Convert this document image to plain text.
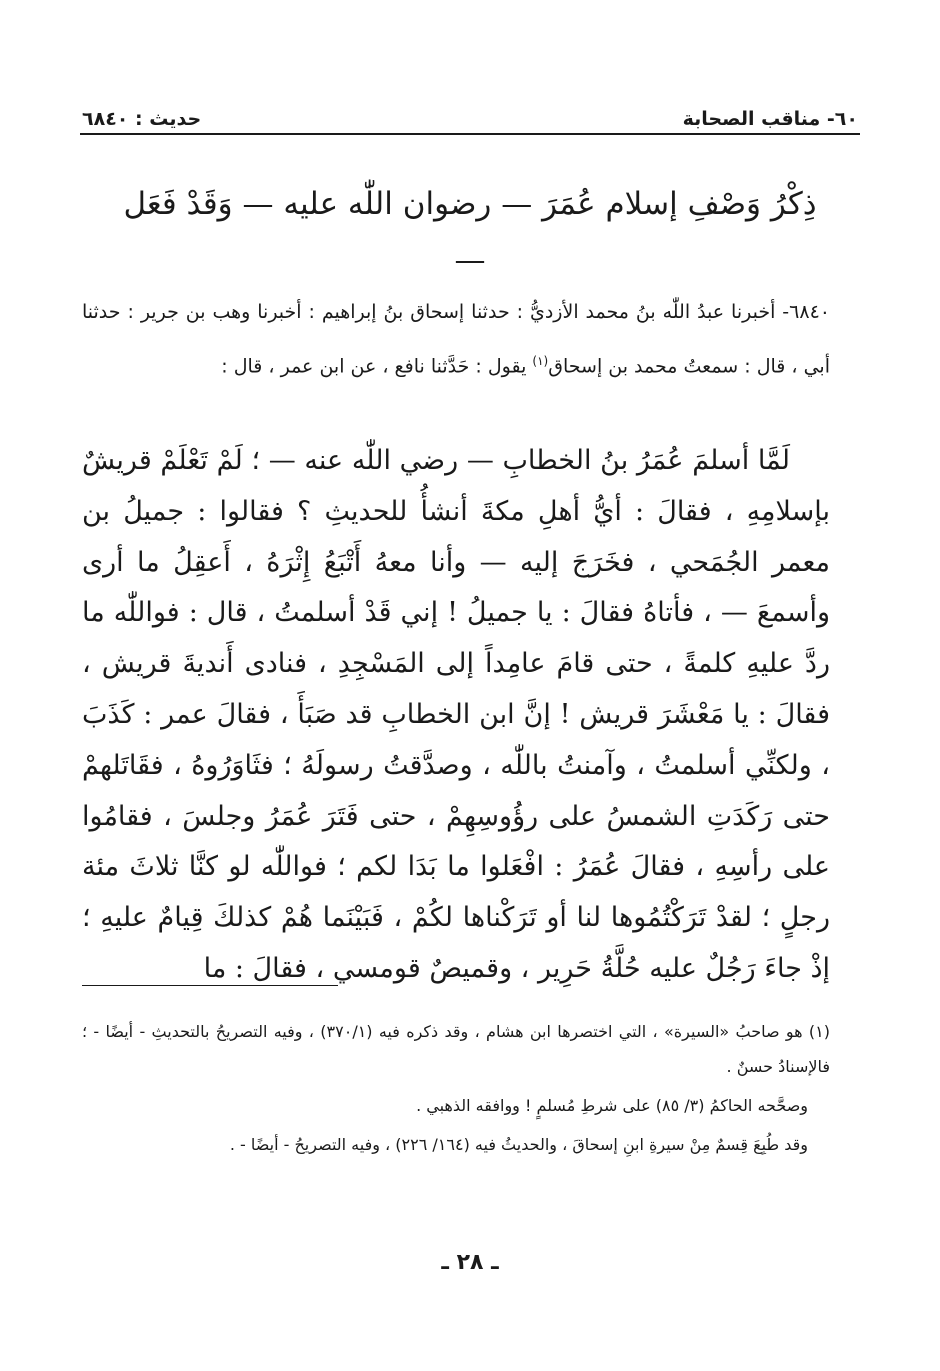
٦٠- مناقب الصحابة
حديث : ٦٨٤٠
ذِكْرُ وَصْفِ إسلام عُمَرَ — رضوان اللّٰه عليه — وَقَدْ فَعَل —
٦٨٤٠- أخبرنا عبدُ اللّٰه بنُ محمد الأزديُّ : حدثنا إسحاق بنُ إبراهيم : أخبرنا وهب بن جرير : حدثنا أبي ، قال : سمعتُ محمد بن إسحاق$^{(١)}$ يقول : حَدَّثنا نافع ، عن ابن عمر ، قال :
لَمَّا أسلمَ عُمَرُ بنُ الخطابِ — رضي اللّٰه عنه — ؛ لَمْ تَعْلَمْ قريشٌ بإسلامِهِ ، فقالَ : أيُّ أهلِ مكةَ أنشأُ للحديثِ ؟ فقالوا : جميلُ بن معمر الجُمَحي ، فخَرَجَ إليه — وأنا معهُ أَتْبَعُ إِثْرَهُ ، أَعقِلُ ما أرى وأسمعَ — ، فأتاهُ فقالَ : يا جميلُ ! إني قَدْ أسلمتُ ، قال : فواللّٰه ما ردَّ عليهِ كلمةً ، حتى قامَ عامِداً إلى المَسْجِدِ ، فنادى أَنديةَ قريش ، فقالَ : يا مَعْشَرَ قريش ! إنَّ ابن الخطابِ قد صَبَأَ ، فقالَ عمر : كَذَبَ ، ولكنِّي أسلمتُ ، وآمنتُ باللّٰه ، وصدَّقتُ رسولَهُ ؛ فثَاوَرُوهُ ، فقَاتَلهمْ حتى رَكَدَتِ الشمسُ على رؤُوسِهِمْ ، حتى فَتَرَ عُمَرُ وجلسَ ، فقامُوا على رأسِهِ ، فقالَ عُمَرُ : افْعَلوا ما بَدَا لكم ؛ فواللّٰه لو كنَّا ثلاثَ مئة رجلٍ ؛ لقدْ تَرَكْتُمُوها لنا أو تَرَكْناها لكُمْ ، فَبَيْنَما هُمْ كذلكَ قِيامٌ عليهِ ؛ إذْ جاءَ رَجُلٌ عليه حُلَّةُ حَرِير ، وقميصٌ قومسي ، فقالَ : ما

(١) هو صاحبُ «السيرة» ، التي اختصرها ابن هشام ، وقد ذكره فيه (٣٧٠/١) ، وفيه التصريحُ بالتحديثِ - أيضًا - ؛ فالإسنادُ حسنٌ .

وصحَّحه الحاكمُ (٣/ ٨٥) على شرطِ مُسلمٍ ! ووافقه الذهبي .

وقد طُبِعَ قِسمٌ مِنْ سيرةِ ابنِ إسحاقَ ، والحديثُ فيه (١٦٤/ ٢٢٦) ، وفيه التصريحُ - أيضًا - .

ـ ٢٨ ـ
